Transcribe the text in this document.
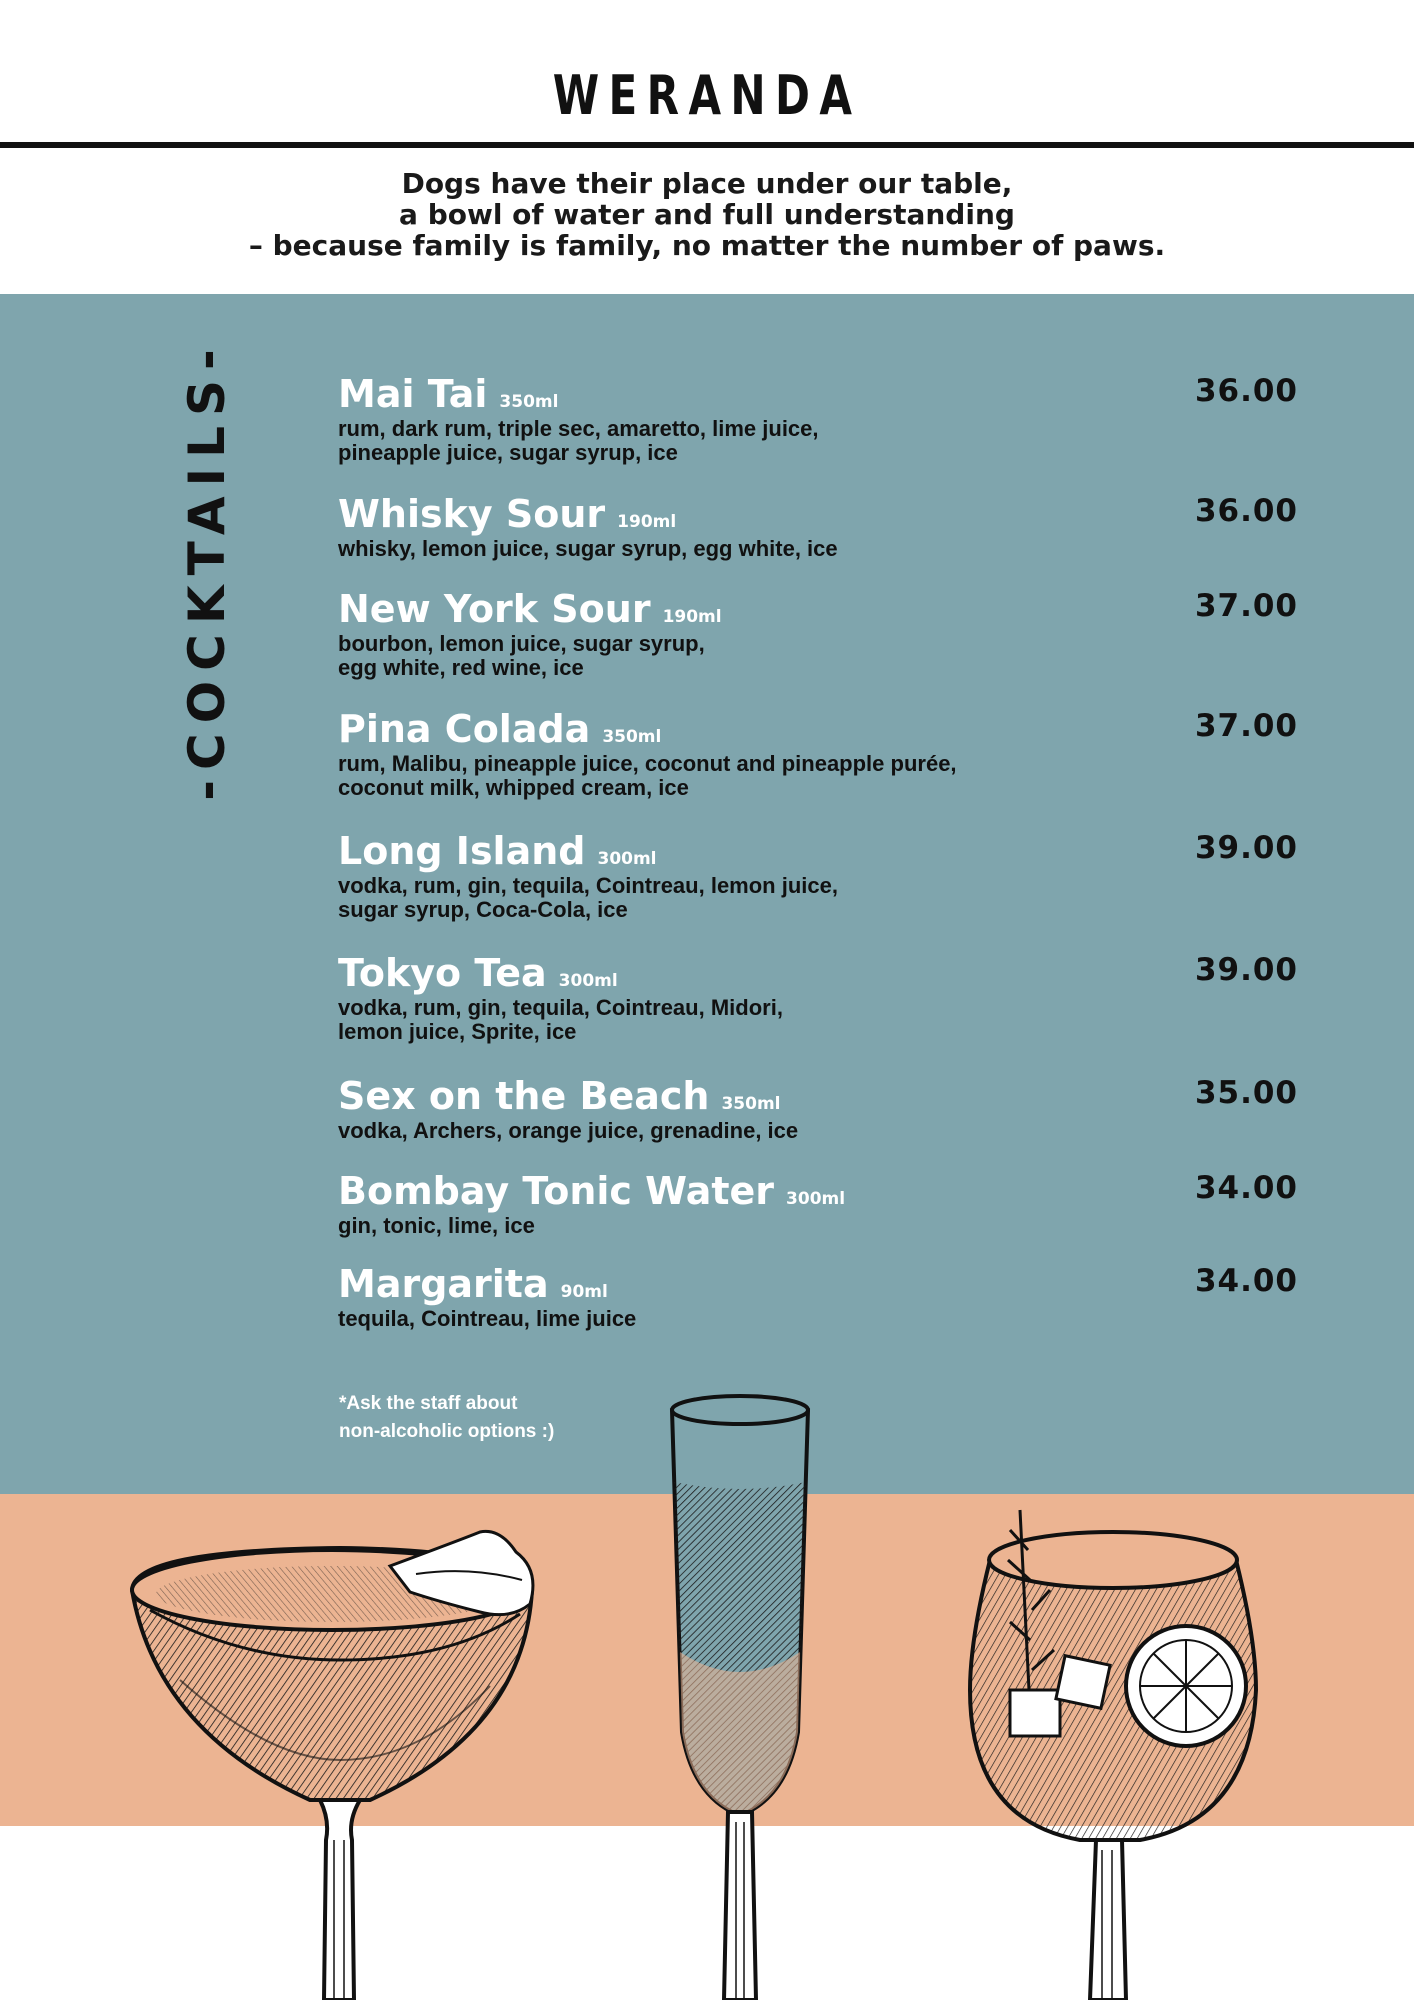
WERANDA
Dogs have their place under our table,
a bowl of water and full understanding
– because family is family, no matter the number of paws.
-COCKTAILS-	Mai Tai 350ml	36.00
rum, dark rum, triple sec, amaretto, lime juice,
pineapple juice, sugar syrup, ice
Whisky Sour 190ml	36.00
whisky, lemon juice, sugar syrup, egg white, ice
New York Sour 190ml	37.00
bourbon, lemon juice, sugar syrup,
egg white, red wine, ice
Pina Colada 350ml	37.00
rum, Malibu, pineapple juice, coconut and pineapple purée,
coconut milk, whipped cream, ice
Long Island 300ml	39.00
vodka, rum, gin, tequila, Cointreau, lemon juice,
sugar syrup, Coca-Cola, ice
Tokyo Tea 300ml	39.00
vodka, rum, gin, tequila, Cointreau, Midori,
lemon juice, Sprite, ice
Sex on the Beach 350ml	35.00
vodka, Archers, orange juice, grenadine, ice
Bombay Tonic Water 300ml	34.00
gin, tonic, lime, ice
Margarita 90ml	34.00
tequila, Cointreau, lime juice
*Ask the staff about
non-alcoholic options :)
